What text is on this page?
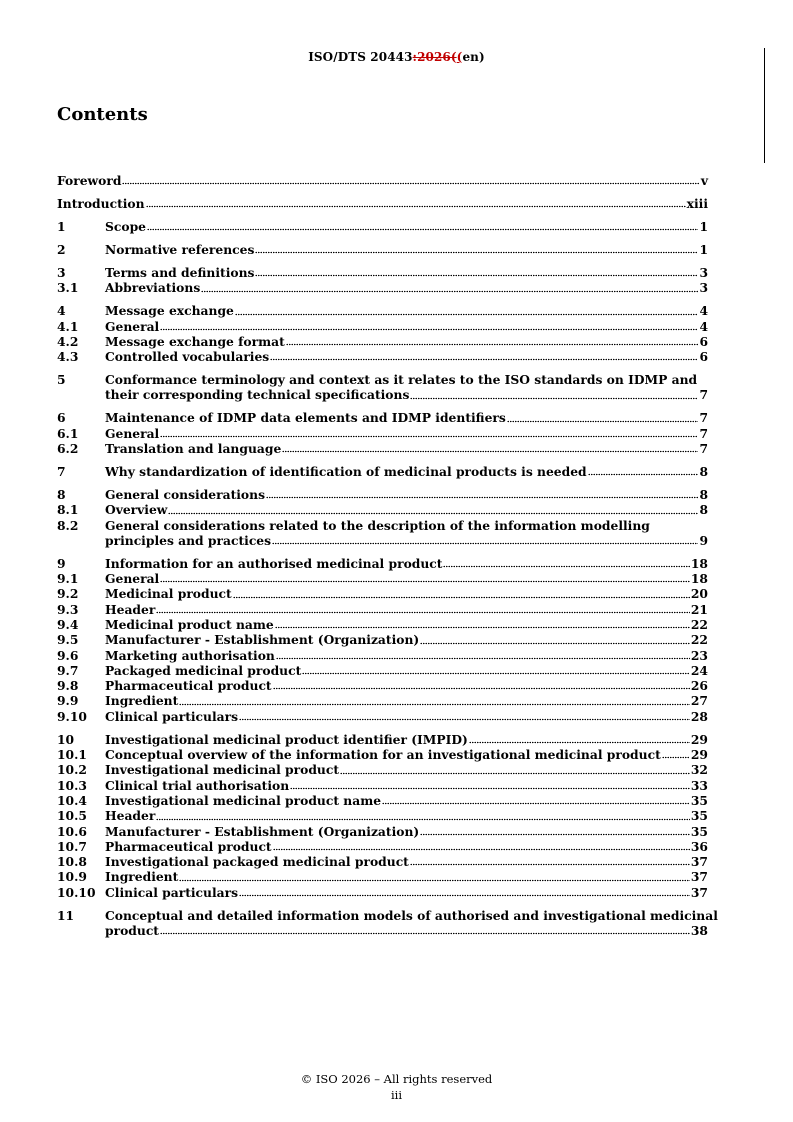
ISO/DTS 20443:2026((en)
Contents
Foreword	v
Introduction	xiii
1	Scope	1
2	Normative references	1
3	Terms and definitions	3
3.1	Abbreviations	3
4	Message exchange	4
4.1	General	4
4.2	Message exchange format	6
4.3	Controlled vocabularies	6
5	Conformance terminology and context as it relates to the ISO standards on IDMP and
their corresponding technical specifications	7
6	Maintenance of IDMP data elements and IDMP identifiers	7
6.1	General	7
6.2	Translation and language	7
7	Why standardization of identification of medicinal products is needed	8
8	General considerations	8
8.1	Overview	8
8.2	General considerations related to the description of the information modelling
principles and practices	9
9	Information for an authorised medicinal product	18
9.1	General	18
9.2	Medicinal product	20
9.3	Header	21
9.4	Medicinal product name	22
9.5	Manufacturer - Establishment (Organization)	22
9.6	Marketing authorisation	23
9.7	Packaged medicinal product	24
9.8	Pharmaceutical product	26
9.9	Ingredient	27
9.10	Clinical particulars	28
10	Investigational medicinal product identifier (IMPID)	29
10.1	Conceptual overview of the information for an investigational medicinal product 29
10.2	Investigational medicinal product	32
10.3	Clinical trial authorisation	33
10.4	Investigational medicinal product name	35
10.5	Header	35
10.6	Manufacturer - Establishment (Organization)	35
10.7	Pharmaceutical product	36
10.8	Investigational packaged medicinal product	37
10.9	Ingredient	37
10.10 Clinical particulars	37
11	Conceptual and detailed information models of authorised and investigational medicinal
product	38
© ISO 2026 – All rights reserved
iii
